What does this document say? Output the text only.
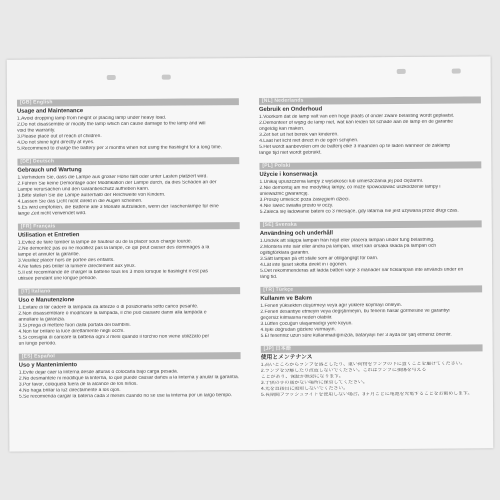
[GB] English
Usage and Maintenance
1.Avoid dropping lamp from height or placing lamp under heavy load.
2.Do not disassemble or modify the lamp which can cause damage to the lamp and will
void the warranty.
3.Please place out of reach of children.
4.Do not shine light directly at eyes.
5.Recommend to charge the battery per 3 months when not using the flashlight for a long time.
[DE] Deutsch
Gebrauch und Wartung
1.Verhindern Sie, dass die Lampe aus großer Höhe fällt oder unter Lasten platziert wird.
2.Führen Sie keine Demontage oder Modifikation der Lampe durch, da dies Schäden an der
Lampe verursachen und den Garantieschutz aufheben kann.
3.Bitte stellen Sie die Lampe außerhalb der Reichweite von Kindern.
4.Lassen Sie das Licht nicht direkt in die Augen scheinen.
5.Es wird empfohlen, die Batterie alle 3 Monate aufzuladen, wenn der Taschenlampe für eine
lange Zeit nicht verwendet wird.
[FR] Français
Utilisation et Entretien
1.Evitez de faire tomber la lampe de hauteur ou de la placer sous charge lourde.
2.Ne démontez pas ou ne modifiez pas la lampe, ce qui peut causer des dommages à la
lampe et annuler la garantie.
3.Veuillez placer hors de portée des enfants.
4.Ne faites pas briller la lumière directement aux yeux.
5.Il est recommandé de charger la batterie tous les 3 mois lorsque le flashlight n'est pas
utilisée pendant une longue période.
[IT] Italiano
Uso e Manutenzione
1.Evitare di far cadere la lampada da altezze o di posizionarla sotto carico pesante.
2.Non disassemblare o modificare la lampada, il che può causare danni alla lampada e
annullare la garanzia.
3.Si prega di mettere fuori dalla portata dei bambini.
4.Non far brillare la luce direttamente negli occhi.
5.Si consiglia di caricare la batteria ogni 3 mesi quando il torchio non viene utilizzato per
un lungo periodo.
[ES] Español
Uso y Mantenimiento
1.Evite dejar caer la linterna desde alturas o colocarla bajo carga pesada.
2.No desmantele ni modifique la linterna, lo que puede causar daños a la linterna y anular la garantía.
3.Por favor, colóquela fuera de la alcance de los niños.
4.No haga brillar la luz directamente a los ojos.
5.Se recomienda cargar la batería cada 3 meses cuando no se use la linterna por un largo tiempo.
[NL] Nederlands
Gebruik en Onderhoud
1.Voorkom dat de lamp valt van een hoge plaats of onder zware belasting wordt geplaatst.
2.Demonteer of wijzig de lamp niet, wat kan leiden tot schade aan de lamp en de garantie
ongeldig kan maken.
3.Zet het uit het bereik van kinderen.
4.Laat het licht niet direct in de ogen schijnen.
5.Het wordt aanbevolen om de batterij elke 3 maanden op te laden wanneer de zaklamp
lange tijd niet wordt gebruikt.
[PL] Polski
Użycie i konserwacja
1.Unikaj upuszczenia lampy z wysokości lub umieszczania jej pod ciężarmi.
2.Nie demontuj ani nie modyfikuj lampy, co może spowodować uszkodzenie lampy i
unieważnić gwarancję.
3.Proszę umieścić poza zasięgiem dzieci.
4.Nie świeć światła prosto w oczy.
5.Zaleca się ładowanie baterii co 3 miesiące, gdy latarnia nie jest używana przez długi czas.
[SE] Svenska
Användning och underhåll
1.Undvik att släppa lampan från höjd eller placera lampan under tung belastning.
2.Montera inte isär eller ändra på lampan, vilket kan orsaka skada på lampan och
ogiltigförklara garantin.
3.Sätt lampan på ett ställe som är otillgängligt för barn.
4.Låt inte ljuset skotta direkt in i ögonen.
5.Det rekommenderas att ladda batteri varje 3 månader när ficklampan inte används under en
lång tid.
[TR] Türkçe
Kullanım ve Bakım
1.Feneri yüksekten düşürmeyi veya ağır yüklere koymayı önleyin.
2.Feneri desantiye etmeyin veya değiştirmeyin, bu fenerin hasar görmesine ve garantiyi
geçersiz kılmasına neden olabilir.
3.Lütfen çocuğun ulaşamadığı yere koyun.
4.Işıkı doğrudan gözlere vurmayın.
5.El feneriniz uzun süre kullanmadığınızda, bataryayı her 3 ayda bir şarj etmeniz önerilir.
[JP] 日本語
使用とメンテナンス
1.高いところからランプを落としたり、重い荷物をランプの下に置くことを避けてください。
2.ランプを分解したり改造しないでください。これはランプに損傷を与える
ことがあり、保証が無効になります。
3.子供の手の届かない場所に保管してください。
4.光を直接目に照射しないでください。
5.長期間フラッシュライトを使用しない場合、3ヶ月ごとに電池を充電することをお勧めします。
